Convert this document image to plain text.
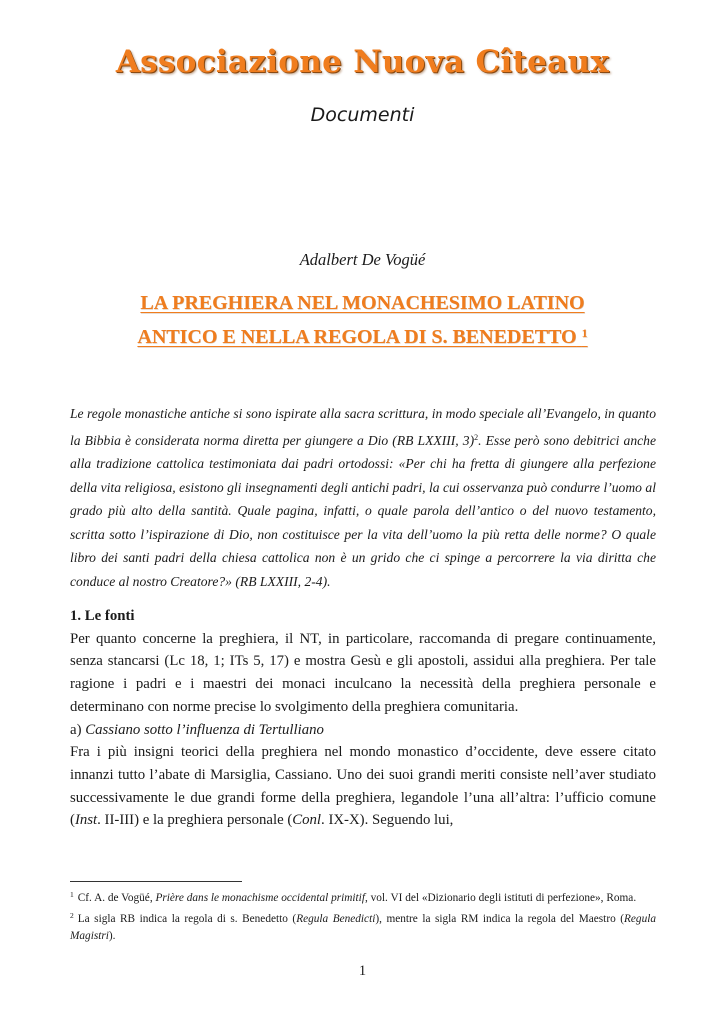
Associazione Nuova Cîteaux
Documenti
Adalbert De Vogüé
LA PREGHIERA NEL MONACHESIMO LATINO
ANTICO E NELLA REGOLA DI S. BENEDETTO $^1$
Le regole monastiche antiche si sono ispirate alla sacra scrittura, in modo speciale all’Evangelo, in quanto la Bibbia è considerata norma diretta per giungere a Dio (RB LXXIII, 3)$^2$. Esse però sono debitrici anche alla tradizione cattolica testimoniata dai padri ortodossi: «Per chi ha fretta di giungere alla perfezione della vita religiosa, esistono gli insegnamenti degli antichi padri, la cui osservanza può condurre l’uomo al grado più alto della santità. Quale pagina, infatti, o quale parola dell’antico o del nuovo testamento, scritta sotto l’ispirazione di Dio, non costituisce per la vita dell’uomo la più retta delle norme? O quale libro dei santi padri della chiesa cattolica non è un grido che ci spinge a percorrere la via diritta che conduce al nostro Creatore?» (RB LXXIII, 2-4).

1. Le fonti

Per quanto concerne la preghiera, il NT, in particolare, raccomanda di pregare continuamente, senza stancarsi (Lc 18, 1; ITs 5, 17) e mostra Gesù e gli apostoli, assidui alla preghiera. Per tale ragione i padri e i maestri dei monaci inculcano la necessità della preghiera personale e determinano con norme precise lo svolgimento della preghiera comunitaria.

a) Cassiano sotto l’influenza di Tertulliano

Fra i più insigni teorici della preghiera nel mondo monastico d’occidente, deve essere citato innanzi tutto l’abate di Marsiglia, Cassiano. Uno dei suoi grandi meriti consiste nell’aver studiato successivamente le due grandi forme della preghiera, legandole l’una all’altra: l’ufficio comune (Inst. II-III) e la preghiera personale (Conl. IX-X). Seguendo lui,

$^1$ Cf. A. de Vogüé, Prière dans le monachisme occidental primitif, vol. VI del «Dizionario degli istituti di perfezione», Roma.

$^2$ La sigla RB indica la regola di s. Benedetto (Regula Benedicti), mentre la sigla RM indica la regola del Maestro (Regula Magistri).

1
